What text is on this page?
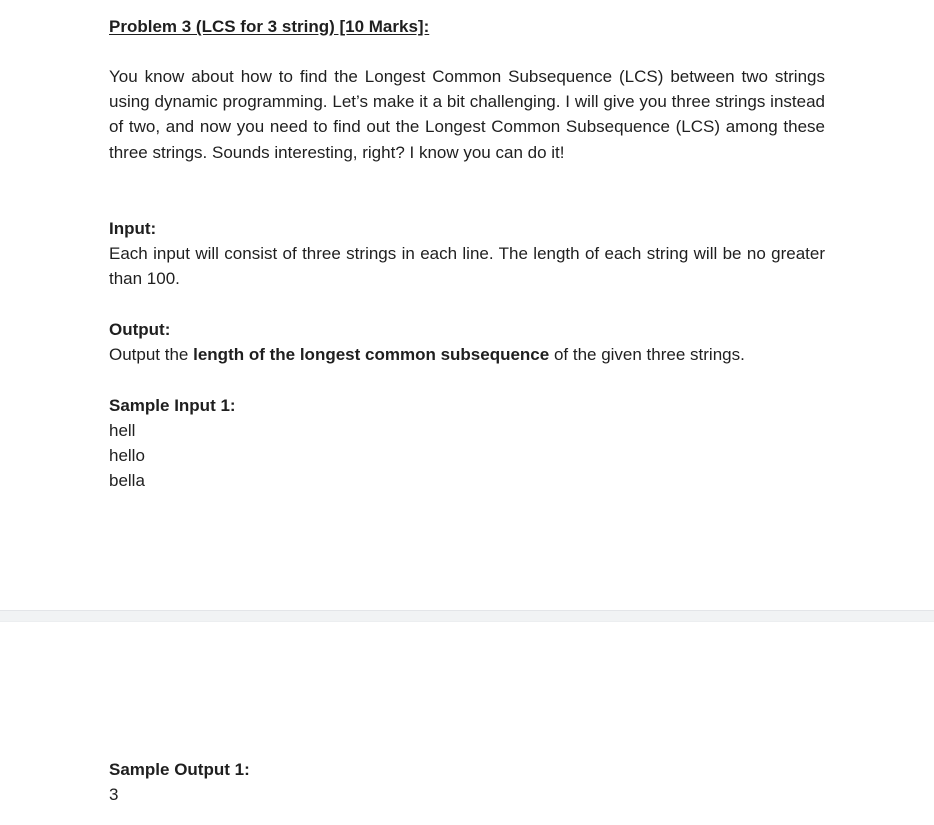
Problem 3 (LCS for 3 string) [10 Marks]:
You know about how to find the Longest Common Subsequence (LCS) between two strings using dynamic programming. Let’s make it a bit challenging. I will give you three strings instead of two, and now you need to find out the Longest Common Subsequence (LCS) among these three strings. Sounds interesting, right? I know you can do it!
Input:
Each input will consist of three strings in each line. The length of each string will be no greater than 100.
Output:
Output the length of the longest common subsequence of the given three strings.
Sample Input 1:
hell
hello
bella
Sample Output 1:
3
